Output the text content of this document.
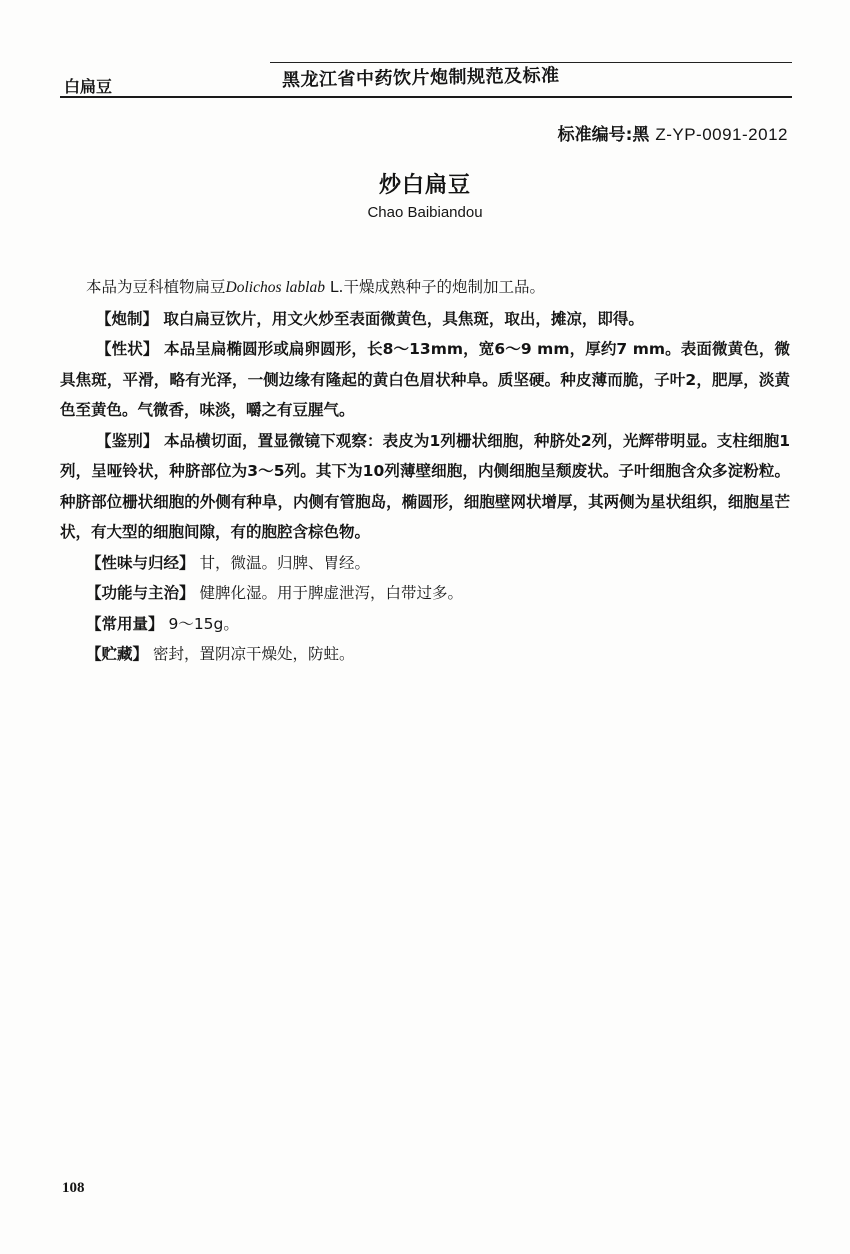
白扁豆	黑龙江省中药饮片炮制规范及标准
标准编号:黑 Z-YP-0091-2012
炒白扁豆
Chao Baibiandou

本品为豆科植物扁豆Dolichos lablab L.干燥成熟种子的炮制加工品。

【炮制】 取白扁豆饮片，用文火炒至表面微黄色，具焦斑，取出，摊凉，即得。

【性状】 本品呈扁椭圆形或扁卵圆形，长8～13mm，宽6～9 mm，厚约7 mm。表面微黄色，微具焦斑，平滑，略有光泽，一侧边缘有隆起的黄白色眉状种阜。质坚硬。种皮薄而脆，子叶2，肥厚，淡黄色至黄色。气微香，味淡，嚼之有豆腥气。

【鉴别】 本品横切面，置显微镜下观察：表皮为1列栅状细胞，种脐处2列，光辉带明显。支柱细胞1列，呈哑铃状，种脐部位为3～5列。其下为10列薄壁细胞，内侧细胞呈颓废状。子叶细胞含众多淀粉粒。种脐部位栅状细胞的外侧有种阜，内侧有管胞岛，椭圆形，细胞壁网状增厚，其两侧为星状组织，细胞星芒状，有大型的细胞间隙，有的胞腔含棕色物。

【性味与归经】 甘，微温。归脾、胃经。

【功能与主治】 健脾化湿。用于脾虚泄泻，白带过多。

【常用量】 9～15g。

【贮藏】 密封，置阴凉干燥处，防蛀。

108
